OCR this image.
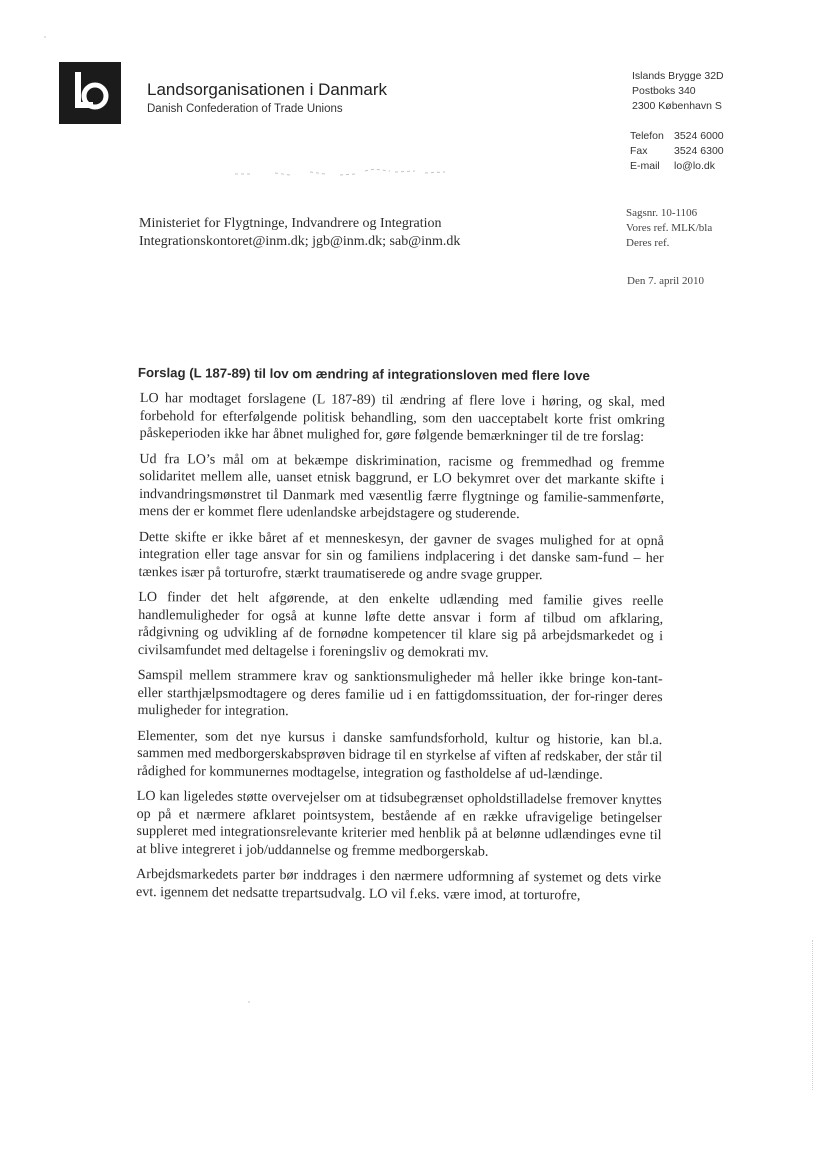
Landsorganisationen i Danmark
Danish Confederation of Trade Unions
Islands Brygge 32D
Postboks 340
2300 København S
Telefon 3524 6000
Fax	3524 6300
E-mail	lo@lo.dk
Ministeriet for Flygtninge, Indvandrere og Integration
Integrationskontoret@inm.dk; jgb@inm.dk; sab@inm.dk
Sagsnr. 10-1106
Vores ref. MLK/bla
Deres ref.
Den 7. april 2010
Forslag (L 187-89) til lov om ændring af integrationsloven med flere love

LO har modtaget forslagene (L 187-89) til ændring af flere love i høring, og skal, med forbehold for efterfølgende politisk behandling, som den uacceptabelt korte frist omkring påskeperioden ikke har åbnet mulighed for, gøre følgende bemærkninger til de tre forslag:

Ud fra LO’s mål om at bekæmpe diskrimination, racisme og fremmedhad og fremme solidaritet mellem alle, uanset etnisk baggrund, er LO bekymret over det markante skifte i indvandringsmønstret til Danmark med væsentlig færre flygtninge og familie-sammenførte, mens der er kommet flere udenlandske arbejdstagere og studerende.

Dette skifte er ikke båret af et menneskesyn, der gavner de svages mulighed for at opnå integration eller tage ansvar for sin og familiens indplacering i det danske sam-fund – her tænkes især på torturofre, stærkt traumatiserede og andre svage grupper.

LO finder det helt afgørende, at den enkelte udlænding med familie gives reelle handlemuligheder for også at kunne løfte dette ansvar i form af tilbud om afklaring, rådgivning og udvikling af de fornødne kompetencer til klare sig på arbejdsmarkedet og i civilsamfundet med deltagelse i foreningsliv og demokrati mv.

Samspil mellem strammere krav og sanktionsmuligheder må heller ikke bringe kon-tant- eller starthjælpsmodtagere og deres familie ud i en fattigdomssituation, der for-ringer deres muligheder for integration.

Elementer, som det nye kursus i danske samfundsforhold, kultur og historie, kan bl.a. sammen med medborgerskabsprøven bidrage til en styrkelse af viften af redskaber, der står til rådighed for kommunernes modtagelse, integration og fastholdelse af ud-lændinge.

LO kan ligeledes støtte overvejelser om at tidsubegrænset opholdstilladelse fremover knyttes op på et nærmere afklaret pointsystem, bestående af en række ufravigelige betingelser suppleret med integrationsrelevante kriterier med henblik på at belønne udlændinges evne til at blive integreret i job/uddannelse og fremme medborgerskab.

Arbejdsmarkedets parter bør inddrages i den nærmere udformning af systemet og dets virke evt. igennem det nedsatte trepartsudvalg. LO vil f.eks. være imod, at torturofre,
